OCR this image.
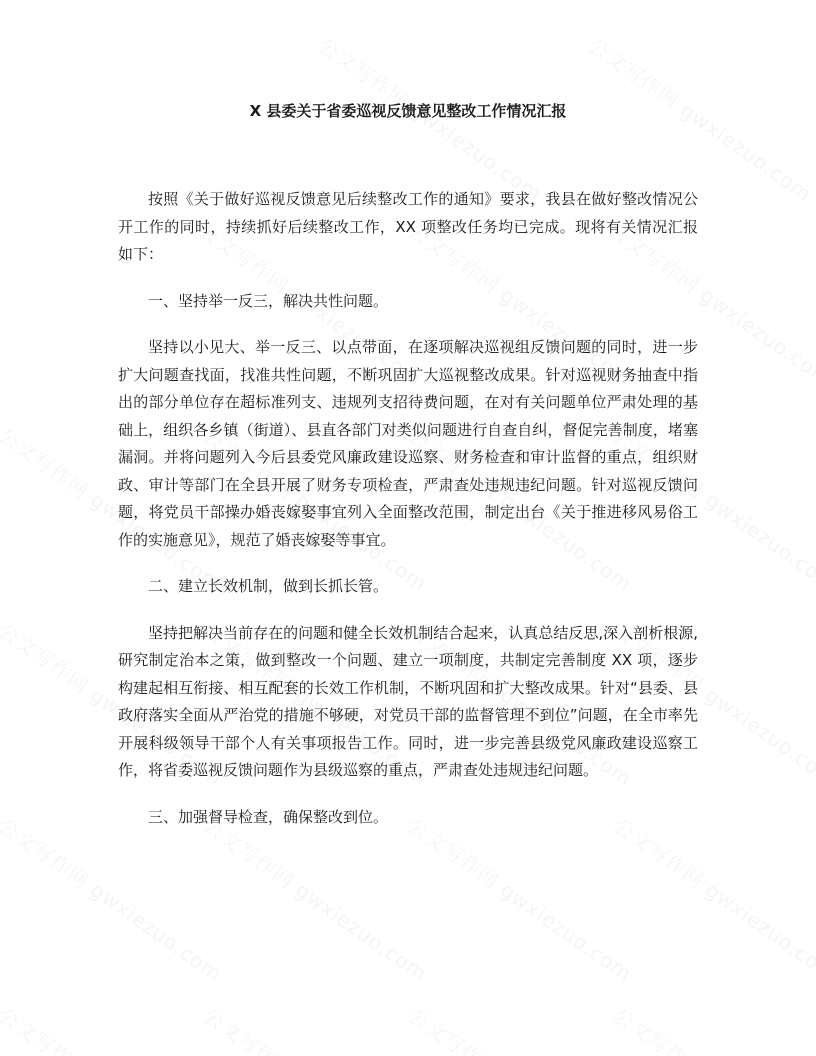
X 县委关于省委巡视反馈意见整改工作情况汇报

按照《关于做好巡视反馈意见后续整改工作的通知》要求，我县在做好整改情况公开工作的同时，持续抓好后续整改工作，XX 项整改任务均已完成。现将有关情况汇报如下：

一、坚持举一反三，解决共性问题。

坚持以小见大、举一反三、以点带面，在逐项解决巡视组反馈问题的同时，进一步扩大问题查找面，找准共性问题，不断巩固扩大巡视整改成果。针对巡视财务抽查中指出的部分单位存在超标准列支、违规列支招待费问题，在对有关问题单位严肃处理的基础上，组织各乡镇（街道）、县直各部门对类似问题进行自查自纠，督促完善制度，堵塞漏洞。并将问题列入今后县委党风廉政建设巡察、财务检查和审计监督的重点，组织财政、审计等部门在全县开展了财务专项检查，严肃查处违规违纪问题。针对巡视反馈问题，将党员干部操办婚丧嫁娶事宜列入全面整改范围，制定出台《关于推进移风易俗工作的实施意见》，规范了婚丧嫁娶等事宜。

二、建立长效机制，做到长抓长管。

坚持把解决当前存在的问题和健全长效机制结合起来，认真总结反思,深入剖析根源,研究制定治本之策，做到整改一个问题、建立一项制度，共制定完善制度 XX 项，逐步构建起相互衔接、相互配套的长效工作机制，不断巩固和扩大整改成果。针对“县委、县政府落实全面从严治党的措施不够硬，对党员干部的监督管理不到位”问题，在全市率先开展科级领导干部个人有关事项报告工作。同时，进一步完善县级党风廉政建设巡察工作，将省委巡视反馈问题作为县级巡察的重点，严肃查处违规违纪问题。

三、加强督导检查，确保整改到位。
